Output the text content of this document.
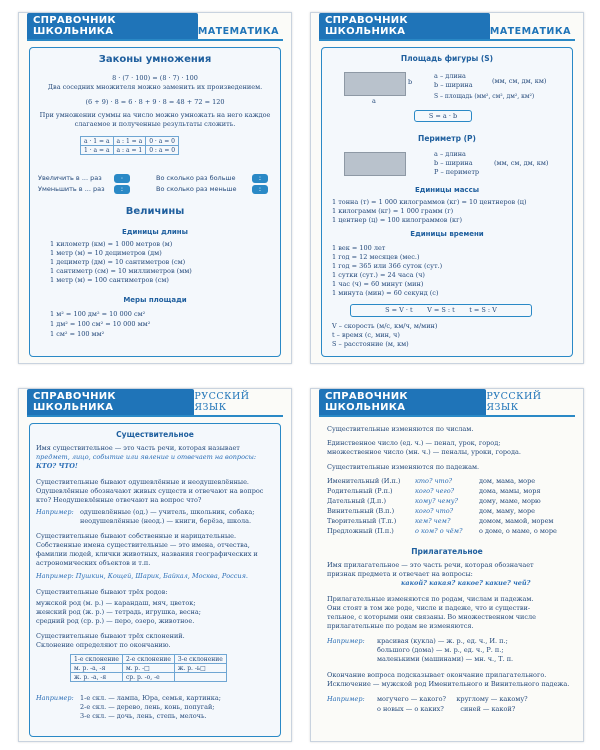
СПРАВОЧНИК ШКОЛЬНИКА	МАТЕМАТИКА
Законы умножения
8 · (7 · 100) = (8 · 7) · 100
Два соседних множителя можно заменить их произведением.
(6 + 9) · 8 = 6 · 8 + 9 · 8 = 48 + 72 = 120
При умножении суммы на число можно умножать на него каждое
слагаемое и полученные результаты сложить.
a · 1 = a	a : 1 = a	0 · a = 0
1 · a = a	a : a = 1	0 : a = 0
Увеличить в ... раз	·
Уменьшить в ... раз	:
Во сколько раз больше	:
Во сколько раз меньше	:
Величины
Единицы длины
1 километр (км) = 1 000 метров (м)
1 метр (м) = 10 дециметров (дм)
1 дециметр (дм) = 10 сантиметров (см)
1 сантиметр (см) = 10 миллиметров (мм)
1 метр (м) = 100 сантиметров (см)
Меры площади
1 м² = 100 дм² = 10 000 см²
1 дм² = 100 см² = 10 000 мм²
1 см² = 100 мм²
СПРАВОЧНИК ШКОЛЬНИКА	МАТЕМАТИКА
Площадь фигуры (S)
b
a
a – длина
b – ширина	(мм, см, дм, км)
S – площадь (мм², см², дм², км²)
S = a · b
Периметр (P)
a – длина
b – ширина
P – периметр
(мм, см, дм, км)
Единицы массы
1 тонна (т) = 1 000 килограммов (кг) = 10 центнеров (ц)
1 килограмм (кг) = 1 000 грамм (г)
1 центнер (ц) = 100 килограммов (кг)
Единицы времени
1 век = 100 лет
1 год = 12 месяцев (мес.)
1 год = 365 или 366 суток (сут.)
1 сутки (сут.) = 24 часа (ч)
1 час (ч) = 60 минут (мин)
1 минута (мин) = 60 секунд (с)
S = V · t       V = S : t       t = S : V
V – скорость (м/с, км/ч, м/мин)
t – время (с, мин, ч)
S – расстояние (м, км)
СПРАВОЧНИК ШКОЛЬНИКА
РУССКИЙ ЯЗЫК
Существительное
Имя существительное — это часть речи, которая называет
предмет, лицо, событие или явление и отвечает на вопросы:
КТО? ЧТО!
Существительные бывают одушевлённые и неодушевлённые.
Одушевлённые обозначают живых существ и отвечают на вопрос
кто? Неодушевлённые отвечают на вопрос что?
Например: одушевлённые (од.) — учитель, школьник, собака;
неодушевлённые (неод.) — книги, берёза, школа.
Существительные бывают собственные и нарицательные.
Собственные имена существительные — это имена, отчества,
фамилии людей, клички животных, названия географических и
астрономических объектов и т.п.
Например: Пушкин, Кощей, Шарик, Байкал, Москва, Россия.
Существительные бывают трёх родов:
мужской род (м. р.) — карандаш, мяч, цветок;
женский род (ж. р.) — тетрадь, игрушка, весна;
средний род (ср. р.) — перо, озеро, животное.
Существительные бывают трёх склонений.
Склонение определяют по окончанию.
1-е склонение	2-е склонение	3-е склонение
м. р. -а, -я	м. р. -□	ж. р. -ь□
ж. р. -а, -я	ср. р. -о, -е	
Например: 1-е скл. — лампа, Юра, семья, картинка;
2-е скл. — дерево, лень, конь, попугай;
3-е скл. — дочь, лень, степь, мелочь.
СПРАВОЧНИК ШКОЛЬНИКА
РУССКИЙ ЯЗЫК
Существительные изменяются по числам.
Единственное число (ед. ч.) — пенал, урок, город;
множественное число (мн. ч.) — пеналы, уроки, города.
Существительные изменяются по падежам.
Именительный (И.п.) кто? что?	дом, мама, море
Родительный (Р.п.)	кого? чего?	дома, мамы, моря
Дательный (Д.п.)	кому? чему?	дому, маме, морю
Винительный (В.п.)	кого? что?	дом, маму, море
Творительный (Т.п.)	кем? чем?	домом, мамой, морем
Предложный (П.п.)	о ком? о чём?	о доме, о маме, о море
Прилагательное
Имя прилагательное — это часть речи, которая обозначает
признак предмета и отвечает на вопросы:
какой? какая? какое? какие? чей?
Прилагательные изменяются по родам, числам и падежам.
Они стоят в том же роде, числе и падеже, что и существи-
тельное, с которыми они связаны. Во множественном числе
прилагательные по родам не изменяются.
Например: красивая (кукла) — ж. р., ед. ч., И. п.;
большого (дома) — м. р., ед. ч., Р. п.;
маленькими (машинами) — мн. ч., Т. п.
Окончание вопроса подсказывает окончание прилагательного.
Исключение — мужской род Именительного и Винительного падежа.
Например: могучего — какого?     круглому — какому?
о новых — о каких?        синей — какой?
